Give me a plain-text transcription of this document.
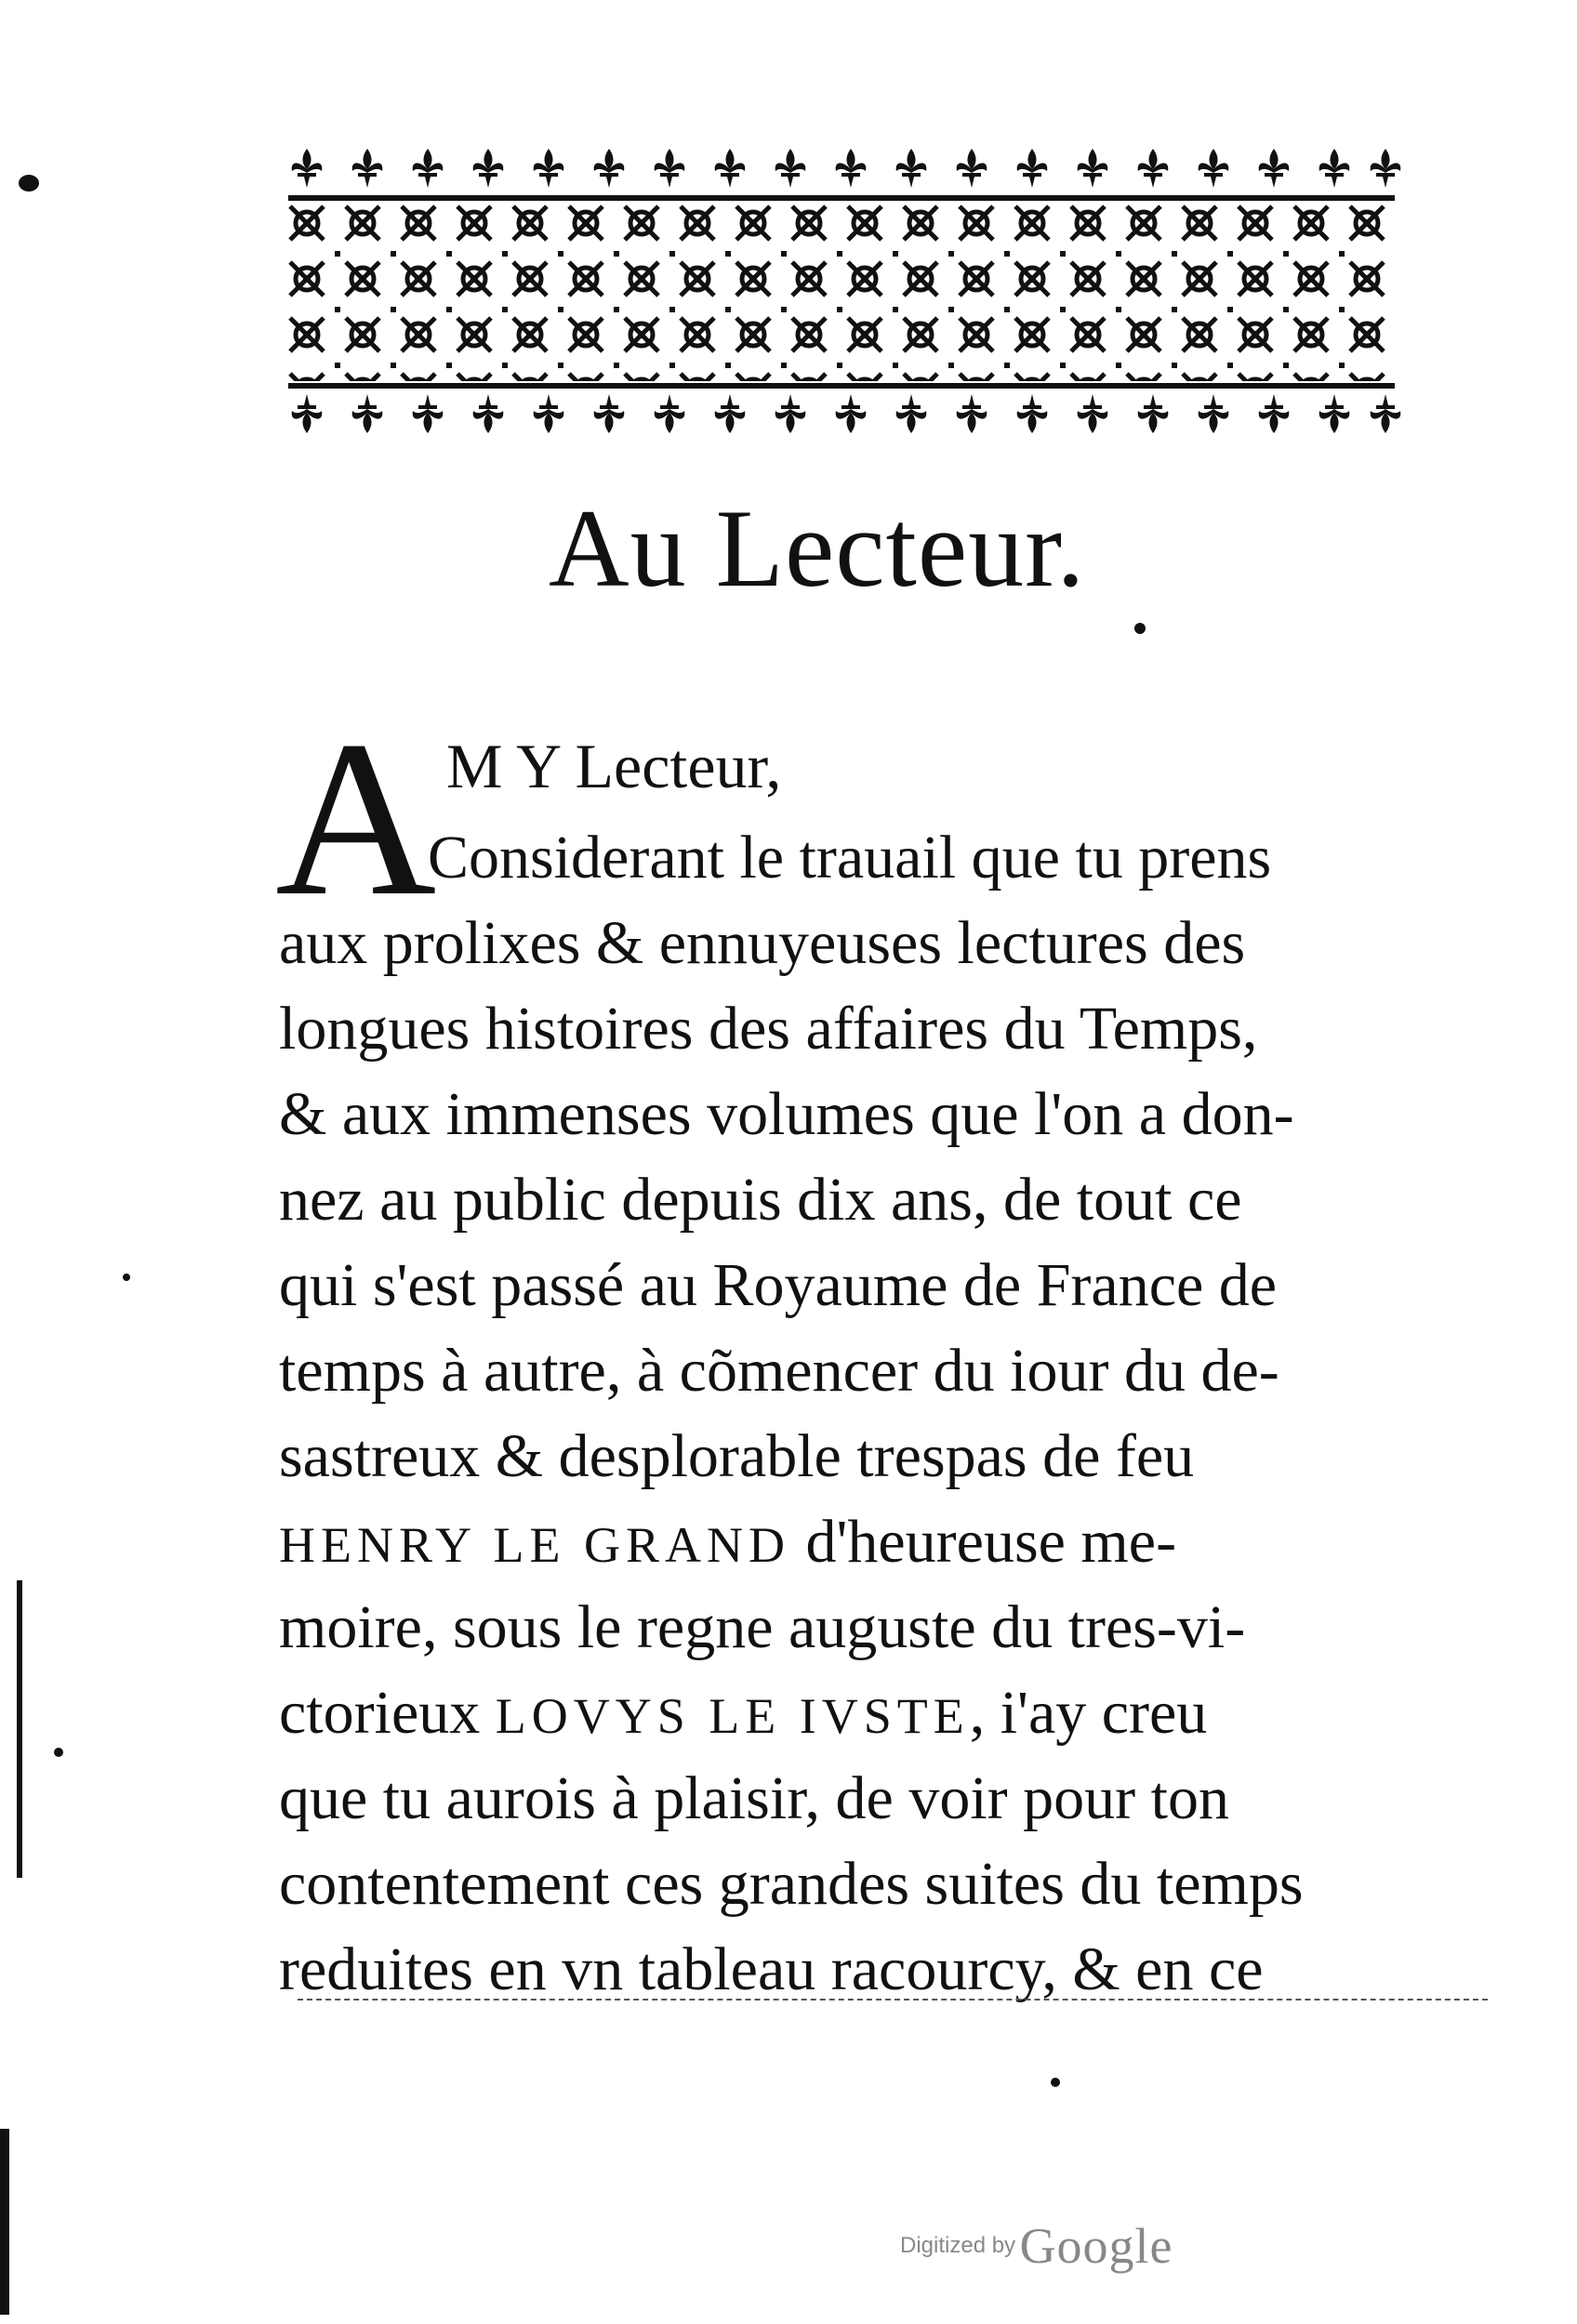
Au Lecteur.
A M Y Lecteur,
Considerant le trauail que tu prens
aux prolixes & ennuyeuses lectures des
longues histoires des affaires du Temps,
& aux immenses volumes que l'on a don-
nez au public depuis dix ans, de tout ce
qui s'est passé au Royaume de France de
temps à autre, à cõmencer du iour du de-
sastreux & desplorable trespas de feu
HENRY LE GRAND d'heureuse me-
moire, sous le regne auguste du tres-vi-
ctorieux LOVYS LE IVSTE, i'ay creu
que tu aurois à plaisir, de voir pour ton
contentement ces grandes suites du temps
reduites en vn tableau racourcy, & en ce
Digitized by Google
